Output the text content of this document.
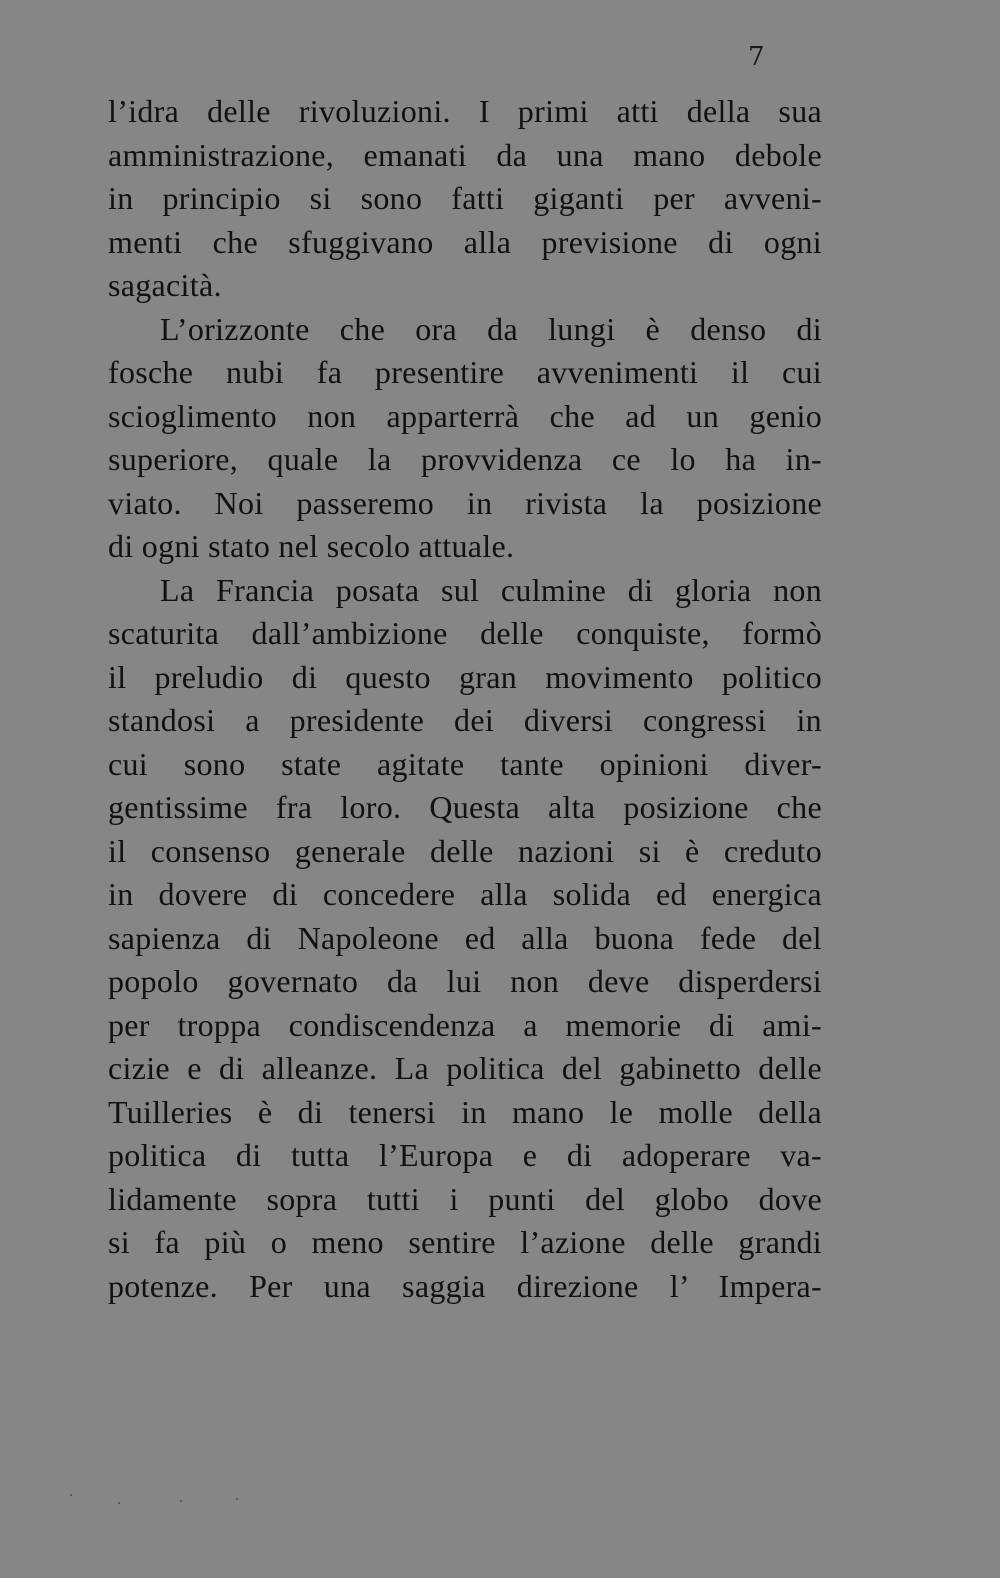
7
l’idra delle rivoluzioni. I primi atti della sua
amministrazione, emanati da una mano debole
in principio si sono fatti giganti per avveni-
menti che sfuggivano alla previsione di ogni
sagacità.
L’orizzonte che ora da lungi è denso di
fosche nubi fa presentire avvenimenti il cui
scioglimento non apparterrà che ad un genio
superiore, quale la provvidenza ce lo ha in-
viato. Noi passeremo in rivista la posizione
di ogni stato nel secolo attuale.
La Francia posata sul culmine di gloria non
scaturita dall’ambizione delle conquiste, formò
il preludio di questo gran movimento politico
standosi a presidente dei diversi congressi in
cui sono state agitate tante opinioni diver-
gentissime fra loro. Questa alta posizione che
il consenso generale delle nazioni si è creduto
in dovere di concedere alla solida ed energica
sapienza di Napoleone ed alla buona fede del
popolo governato da lui non deve disperdersi
per troppa condiscendenza a memorie di ami-
cizie e di alleanze. La politica del gabinetto delle
Tuilleries è di tenersi in mano le molle della
politica di tutta l’Europa e di adoperare va-
lidamente sopra tutti i punti del globo dove
si fa più o meno sentire l’azione delle grandi
potenze. Per una saggia direzione l’ Impera-
